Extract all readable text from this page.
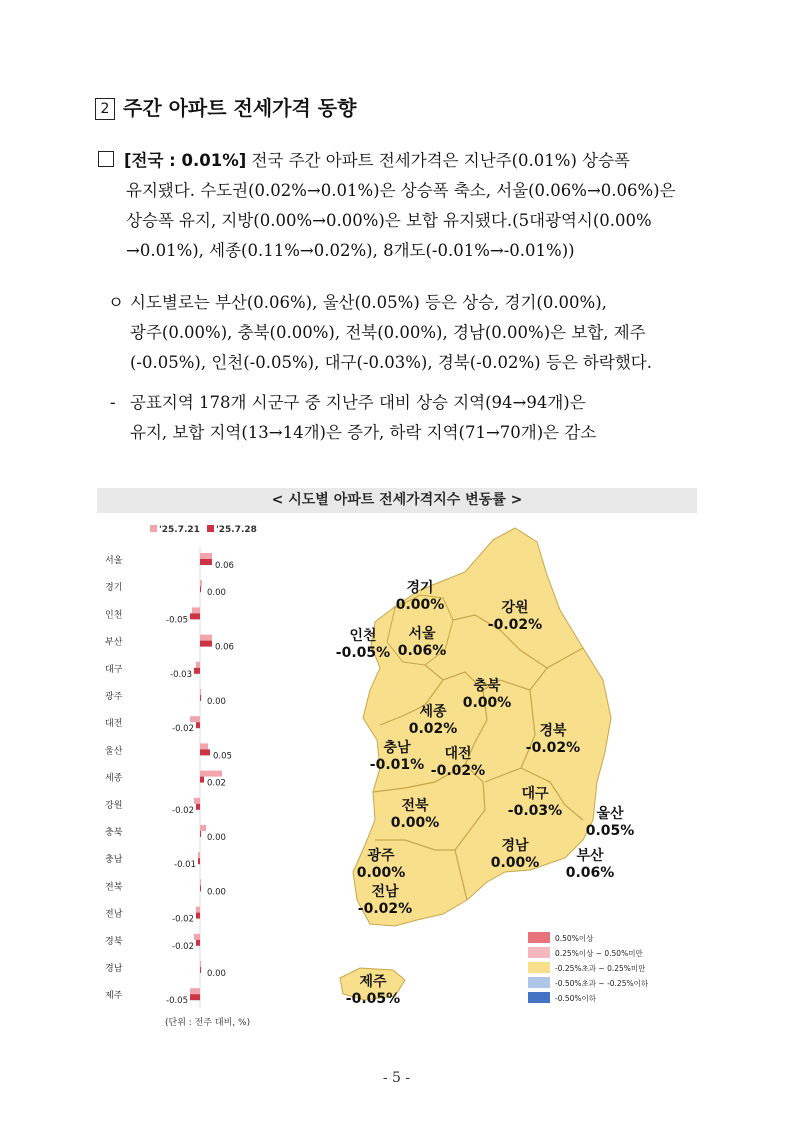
2 주간 아파트 전세가격 동향
[전국 : 0.01%] 전국 주간 아파트 전세가격은 지난주(0.01%) 상승폭
유지됐다. 수도권(0.02%→0.01%)은 상승폭 축소, 서울(0.06%→0.06%)은
상승폭 유지, 지방(0.00%→0.00%)은 보합 유지됐다.(5대광역시(0.00%
→0.01%), 세종(0.11%→0.02%), 8개도(-0.01%→-0.01%))
ㅇ 시도별로는 부산(0.06%), 울산(0.05%) 등은 상승, 경기(0.00%),
광주(0.00%), 충북(0.00%), 전북(0.00%), 경남(0.00%)은 보합, 제주
(-0.05%), 인천(-0.05%), 대구(-0.03%), 경북(-0.02%) 등은 하락했다.
- 공표지역 178개 시군구 중 지난주 대비 상승 지역(94→94개)은
유지, 보합 지역(13→14개)은 증가, 하락 지역(71→70개)은 감소
< 시도별 아파트 전세가격지수 변동률 >
'25.7.21 '25.7.28
서울	0.06
경기	0.00
인천	-0.05
부산	0.06
대구	-0.03
광주	0.00
대전	-0.02
울산	0.05
세종	0.02
강원	-0.02
충북	0.00
충남	-0.01
전북	0.00
전남	-0.02
경북	-0.02
경남	0.00
제주	-0.05
(단위 : 전주 대비, %)
경기
0.00%	강원
-0.02%
인천
-0.05%
서울
0.06%
충북
0.00%
세종
0.02%
충남
-0.01%
대전
-0.02%
경북
-0.02%
대구
-0.03%
전북
0.00%
울산
0.05%
경남
0.00%	부산
0.06%
광주
0.00%
전남
-0.02%
제주
-0.05%
0.50%이상
0.25%이상 ~ 0.50%미만
-0.25%초과 ~ 0.25%미만
-0.50%초과 ~ -0.25%이하
-0.50%이하
- 5 -
